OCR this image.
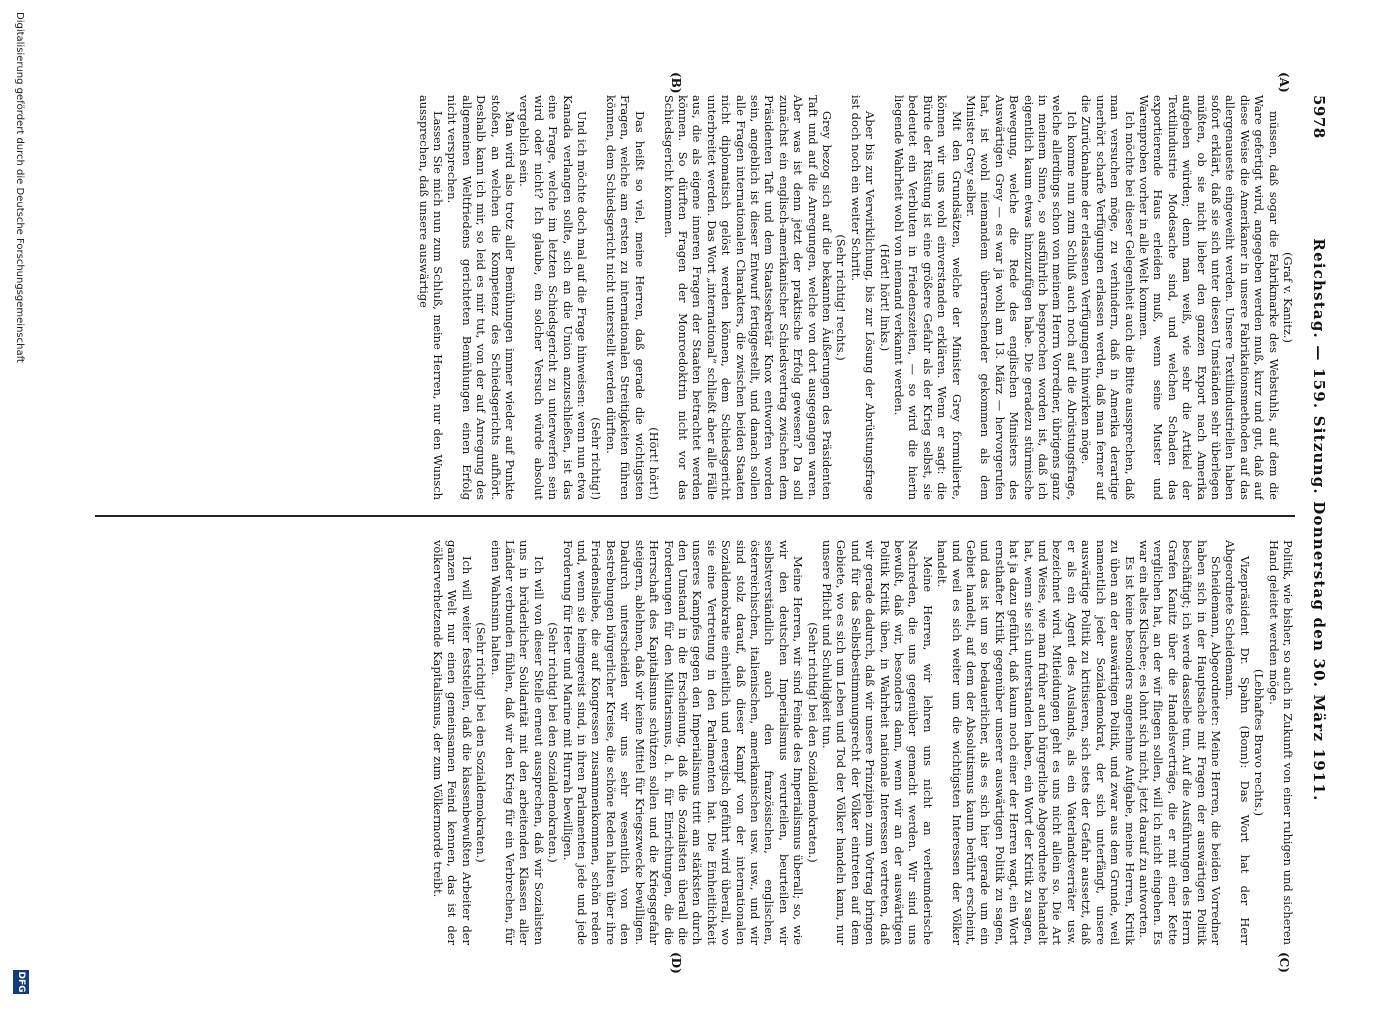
5978
Reichstag. — 159. Sitzung. Donnerstag den 30. März 1911.
(A)
(B)
(C)
(D)

(Graf v. Kanitz.)

müssen, daß sogar die Fabrikmarke des Webstuhls, auf dem die Ware gefertigt wird, angegeben werden muß, kurz und gut, daß auf diese Weise die Amerikaner in unsere Fabrikationsmethoden auf das allergenaueste eingeweiht werden. Unsere Textilindustriellen haben sofort erklärt, daß sie sich unter diesen Umständen sehr überlegen müßten, ob sie nicht lieber den ganzen Export nach Amerika aufgeben würden; denn man weiß, wie sehr die Artikel der Textilindustrie Modesache sind, und welchen Schaden das exportierende Haus erleiden muß, wenn seine Muster und Warenproben vorher in alle Welt kommen.

Ich möchte bei dieser Gelegenheit auch die Bitte aussprechen, daß man versuchen möge, zu verhindern, daß in Amerika derartige unerhört scharfe Verfügungen erlassen werden, daß man ferner auf die Zurücknahme der erlassenen Verfügungen hinwirken möge.

Ich komme nun zum Schluß auch noch auf die Abrüstungsfrage, welche allerdings schon von meinem Herrn Vorredner, übrigens ganz in meinem Sinne, so ausführlich besprochen worden ist, daß ich eigentlich kaum etwas hinzuzufügen habe. Die geradezu stürmische Bewegung, welche die Rede des englischen Ministers des Auswärtigen Grey — es war ja wohl am 13. März — hervorgerufen hat, ist wohl niemandem überraschender gekommen als dem Minister Grey selber.

Mit den Grundsätzen, welche der Minister Grey formulierte, können wir uns wohl einverstanden erklären. Wenn er sagt: die Bürde der Rüstung ist eine größere Gefahr als der Krieg selbst, sie bedeutet ein Verbluten in Friedenszeiten, — so wird die hierin liegende Wahrheit wohl von niemand verkannt werden.

(Hört! hört! links.)

Aber bis zur Verwirklichung, bis zur Lösung der Abrüstungsfrage ist doch noch ein weiter Schritt.

(Sehr richtig! rechts.)

Grey bezog sich auf die bekannten Äußerungen des Präsidenten Taft und auf die Anregungen, welche von dort ausgegangen waren. Aber was ist denn jetzt der praktische Erfolg gewesen? Da soll zunächst ein englisch-amerikanischer Schiedsvertrag zwischen dem Präsidenten Taft und dem Staatssekretär Knox entworfen worden sein, angeblich ist dieser Entwurf fertiggestellt, und danach sollen alle Fragen internationalen Charakters, die zwischen beiden Staaten nicht diplomatisch gelöst werden können, dem Schiedsgericht unterbreitet werden. Das Wort „international“ schließt aber alle Fälle aus, die als eigene inneren Fragen der Staaten betrachtet werden können. So dürften Fragen der Monroedoktrin nicht vor das Schiedsgericht kommen.

(Hört! hört!)

Das heißt so viel, meine Herren, daß gerade die wichtigsten Fragen, welche am ersten zu internationalen Streitigkeiten führen können, dem Schiedsgericht nicht unterstellt werden dürften.

(Sehr richtig!)

Und ich möchte doch mal auf die Frage hinweisen: wenn nun etwa Kanada verlangen sollte, sich an die Union anzuschließen, ist das eine Frage, welche im letzten Schiedsgericht zu unterwerfen sein wird oder nicht? Ich glaube, ein solcher Versuch würde absolut vergeblich sein.

Man wird also trotz aller Bemühungen immer wieder auf Punkte stoßen, an welchen die Kompetenz des Schiedsgerichts aufhört. Deshalb kann ich mir, so leid es mir tut, von der auf Anregung des allgemeinen Weltfriedens gerichteten Bemühungen einen Erfolg nicht versprechen.

Lassen Sie mich nun zum Schluß, meine Herren, nur den Wunsch aussprechen, daß unsere auswärtige

Politik, wie bisher, so auch in Zukunft von einer ruhigen und sicheren Hand geleitet werden möge.

(Lebhaftes Bravo rechts.)

Vizepräsident Dr. Spahn (Bonn): Das Wort hat der Herr Abgeordnete Scheidemann.

Scheidemann, Abgeordneter: Meine Herren, die beiden Vorredner haben sich in der Hauptsache mit Fragen der auswärtigen Politik beschäftigt; ich werde dasselbe tun. Auf die Ausführungen des Herrn Grafen Kanitz über die Handelsverträge, die er mit einer Kette verglichen hat, an der wir fliegen sollen, will ich nicht eingehen. Es war ein altes Klischee; es lohnt sich nicht, jetzt darauf zu antworten.

Es ist keine besonders angenehme Aufgabe, meine Herren, Kritik zu üben an der auswärtigen Politik, und zwar aus dem Grunde, weil namentlich jeder Sozialdemokrat, der sich unterfängt, unsere auswärtige Politik zu kritisieren, sich stets der Gefahr aussetzt, daß er als ein Agent des Auslands, als ein Vaterlandsverräter usw. bezeichnet wird. Mitleidungen geht es uns nicht allein so. Die Art und Weise, wie man früher auch bürgerliche Abgeordnete behandelt hat, wenn sie sich unterstanden haben, ein Wort der Kritik zu sagen, hat ja dazu geführt, daß kaum noch einer der Herren wagt, ein Wort ernsthafter Kritik gegenüber unserer auswärtigen Politik zu sagen, und das ist um so bedauerlicher, als es sich hier gerade um ein Gebiet handelt, auf dem der Absolutismus kaum berührt erscheint, und weil es sich weiter um die wichtigsten Interessen der Völker handelt.

Meine Herren, wir lehren uns nicht an verleumderische Nachreden, die uns gegenüber gemacht werden. Wir sind uns bewußt, daß wir, besonders dann, wenn wir an der auswärtigen Politik Kritik üben, in Wahrheit nationale Interessen vertreten, daß wir gerade dadurch, daß wir unsere Prinzipien zum Vortrag bringen und für das Selbstbestimmungsrecht der Völker eintreten auf dem Gebiete, wo es sich um Leben und Tod der Völker handeln kann, nur unsere Pflicht und Schuldigkeit tun.

(Sehr richtig! bei den Sozialdemokraten.)

Meine Herren, wir sind Feinde des Imperialismus überall; so, wie wir den deutschen Imperialismus verurteilen, beurteilen wir selbstverständlich auch den französischen, englischen, österreichischen, italienischen, amerikanischen usw. usw., und wir sind stolz darauf, daß dieser Kampf von der internationalen Sozialdemokratie einheitlich und energisch geführt wird überall, wo sie eine Vertretung in den Parlamenten hat. Die Einheitlichkeit unseres Kampfes gegen den Imperialismus tritt am stärksten durch den Umstand in die Erscheinung, daß die Sozialisten überall die Forderungen für den Militarismus, d. h. für Einrichtungen, die die Herrschaft des Kapitalismus schützen sollen und die Kriegsgefahr steigern, ablehnen, daß wir keine Mittel für Kriegszwecke bewilligen. Dadurch unterscheiden wir uns sehr wesentlich von den Bestrebungen bürgerlicher Kreise, die schöne Reden halten über ihre Friedensliebe, die auf Kongressen zusammenkommen, schön reden und, wenn sie heimgereist sind, in ihren Parlamenten jede und jede Forderung für Heer und Marine mit Hurrah bewilligen.

(Sehr richtig! bei den Sozialdemokraten.)

Ich will von dieser Stelle erneut aussprechen, daß wir Sozialisten uns in brüderlicher Solidarität mit den arbeitenden Klassen aller Länder verbunden fühlen, daß wir den Krieg für ein Verbrechen, für einen Wahnsinn halten.

(Sehr richtig! bei den Sozialdemokraten.)

Ich will weiter feststellen, daß die klassenbewußten Arbeiter der ganzen Welt nur einen gemeinsamen Feind kennen, das ist der völkerverhetzende Kapitalismus, der zum Völkermorde treibt.

Digitalisierung gefördert durch die Deutsche Forschungsgemeinschaft
DFG
